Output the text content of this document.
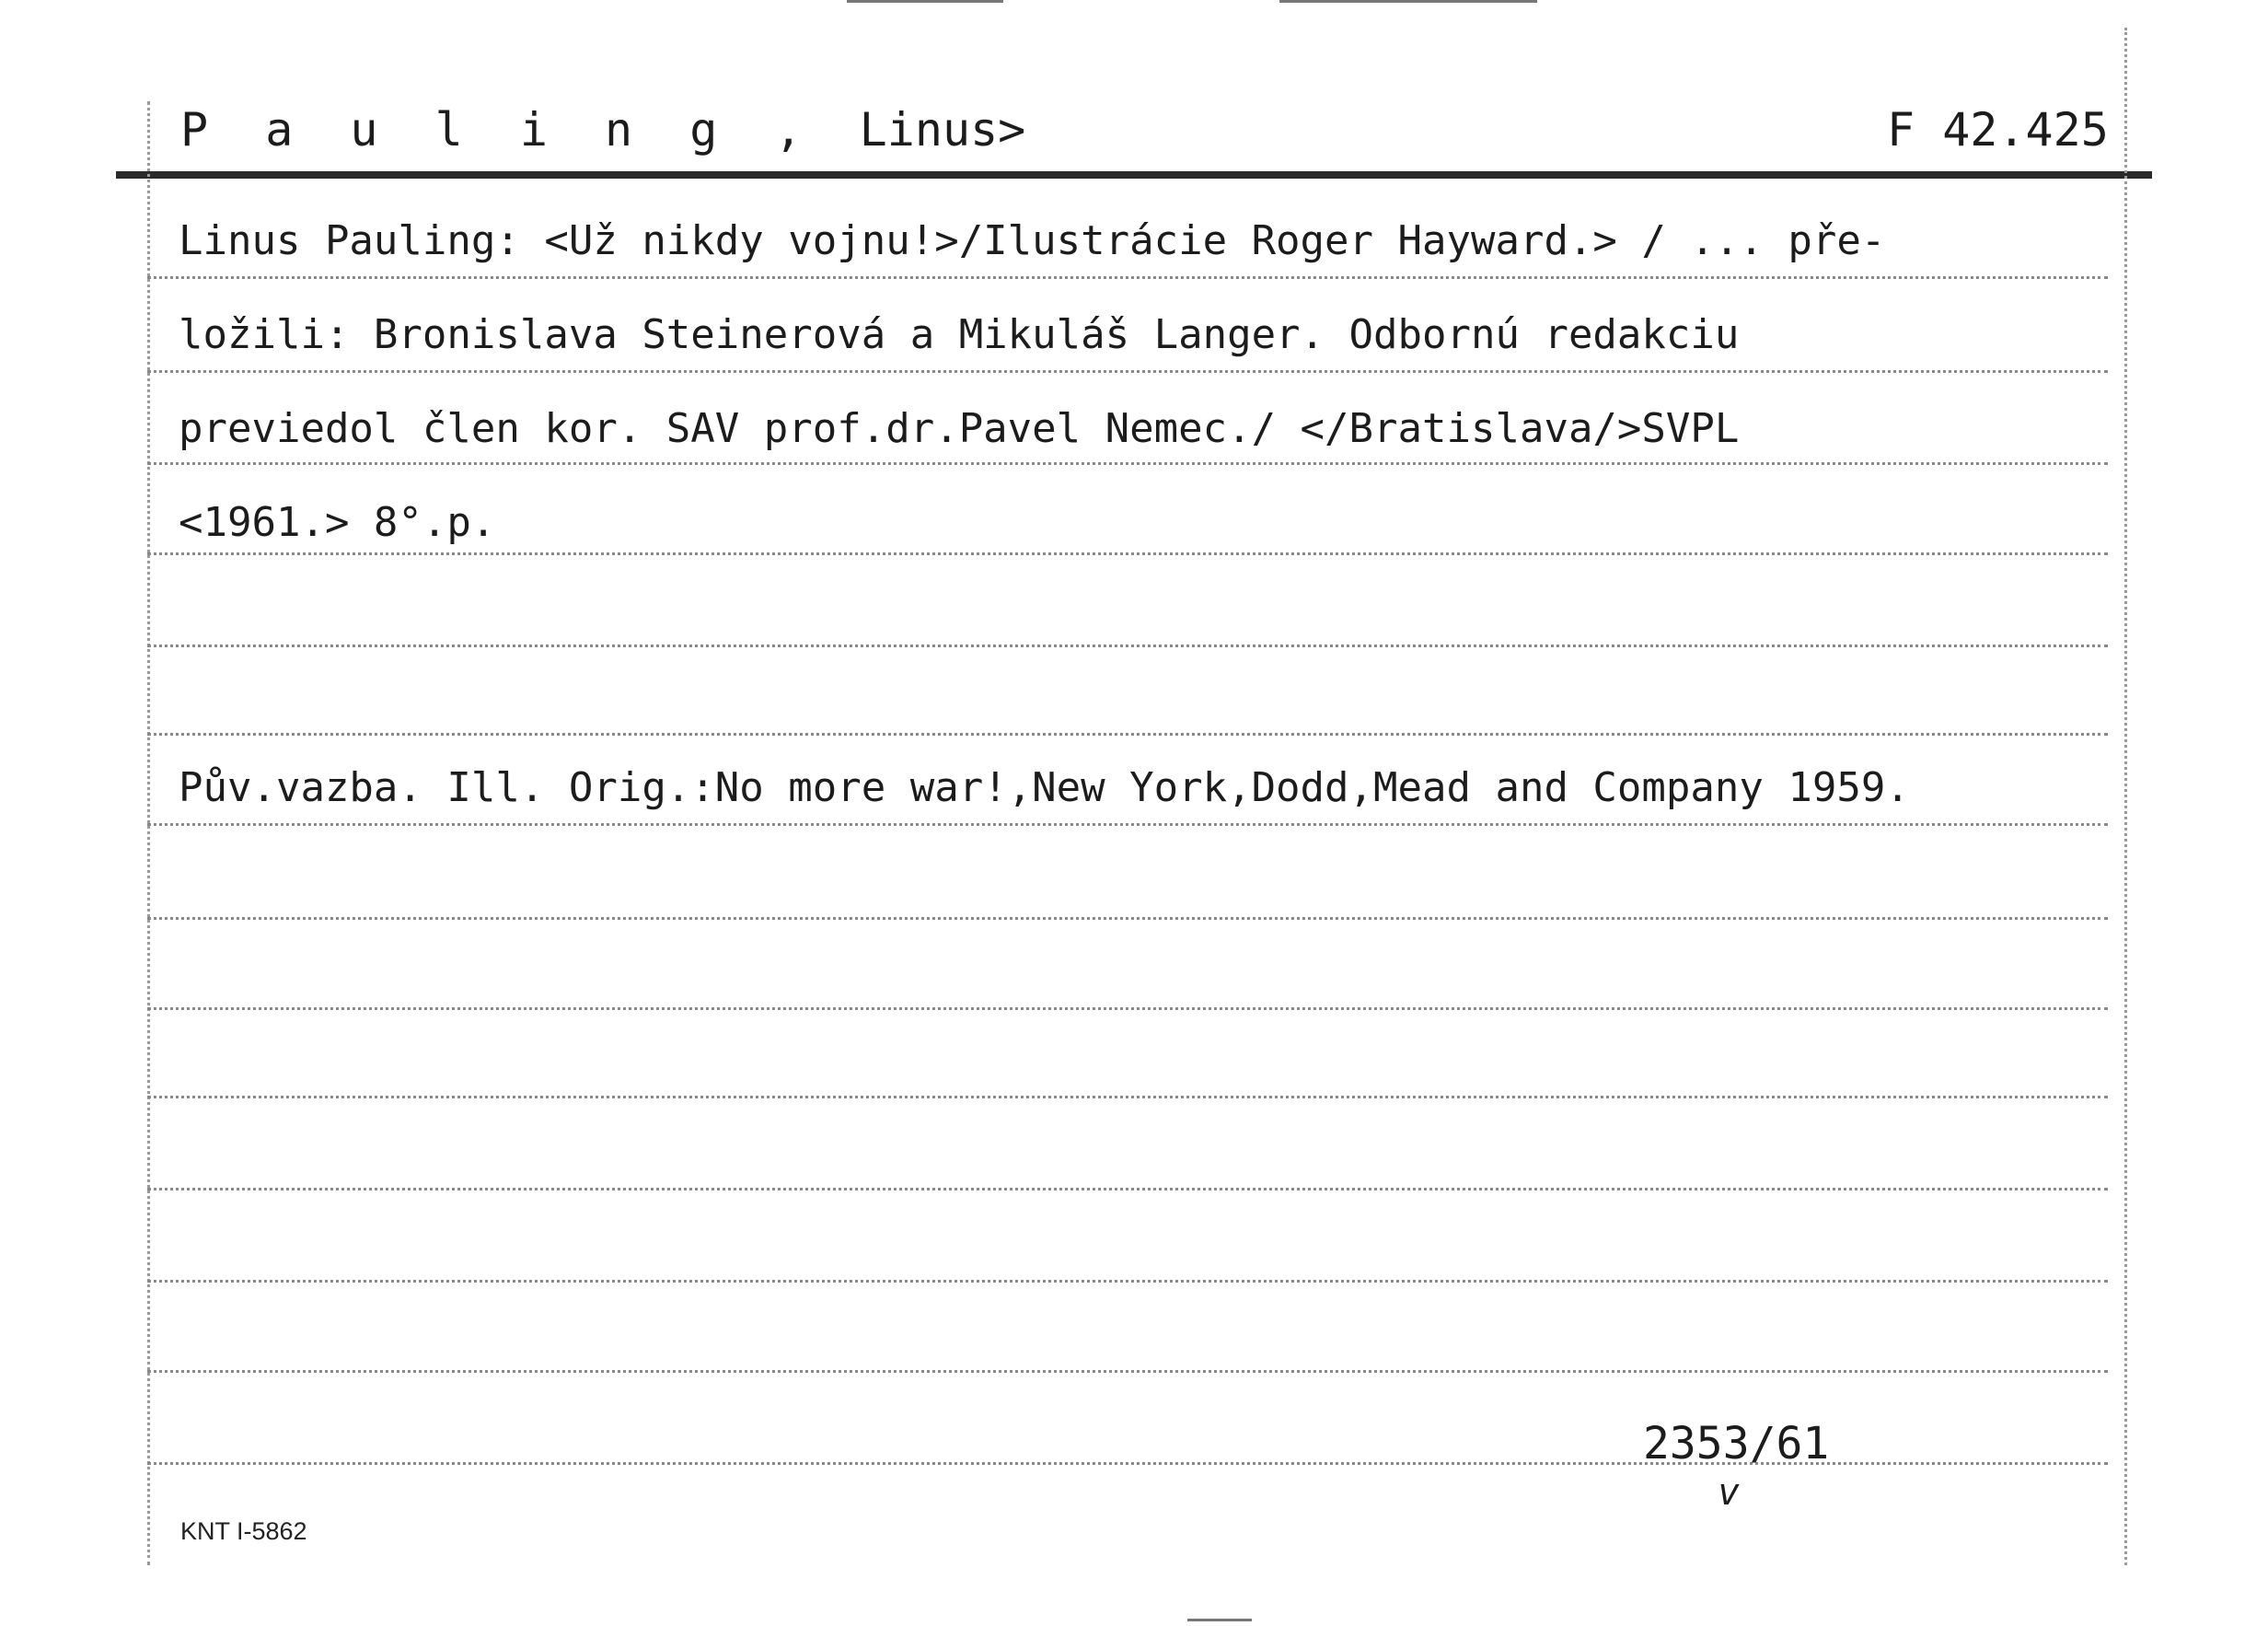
P a u l i n g , Linus>	F 42.425
Linus Pauling: <Už nikdy vojnu!>/Ilustrácie Roger Hayward.> / ... pře-
ložili: Bronislava Steinerová a Mikuláš Langer. Odbornú redakciu
previedol člen kor. SAV prof.dr.Pavel Nemec./ </Bratislava/>SVPL
<1961.> 8°.p.
Pův.vazba. Ill. Orig.:No more war!,New York,Dodd,Mead and Company 1959.
2353/61
v
KNT I-5862
